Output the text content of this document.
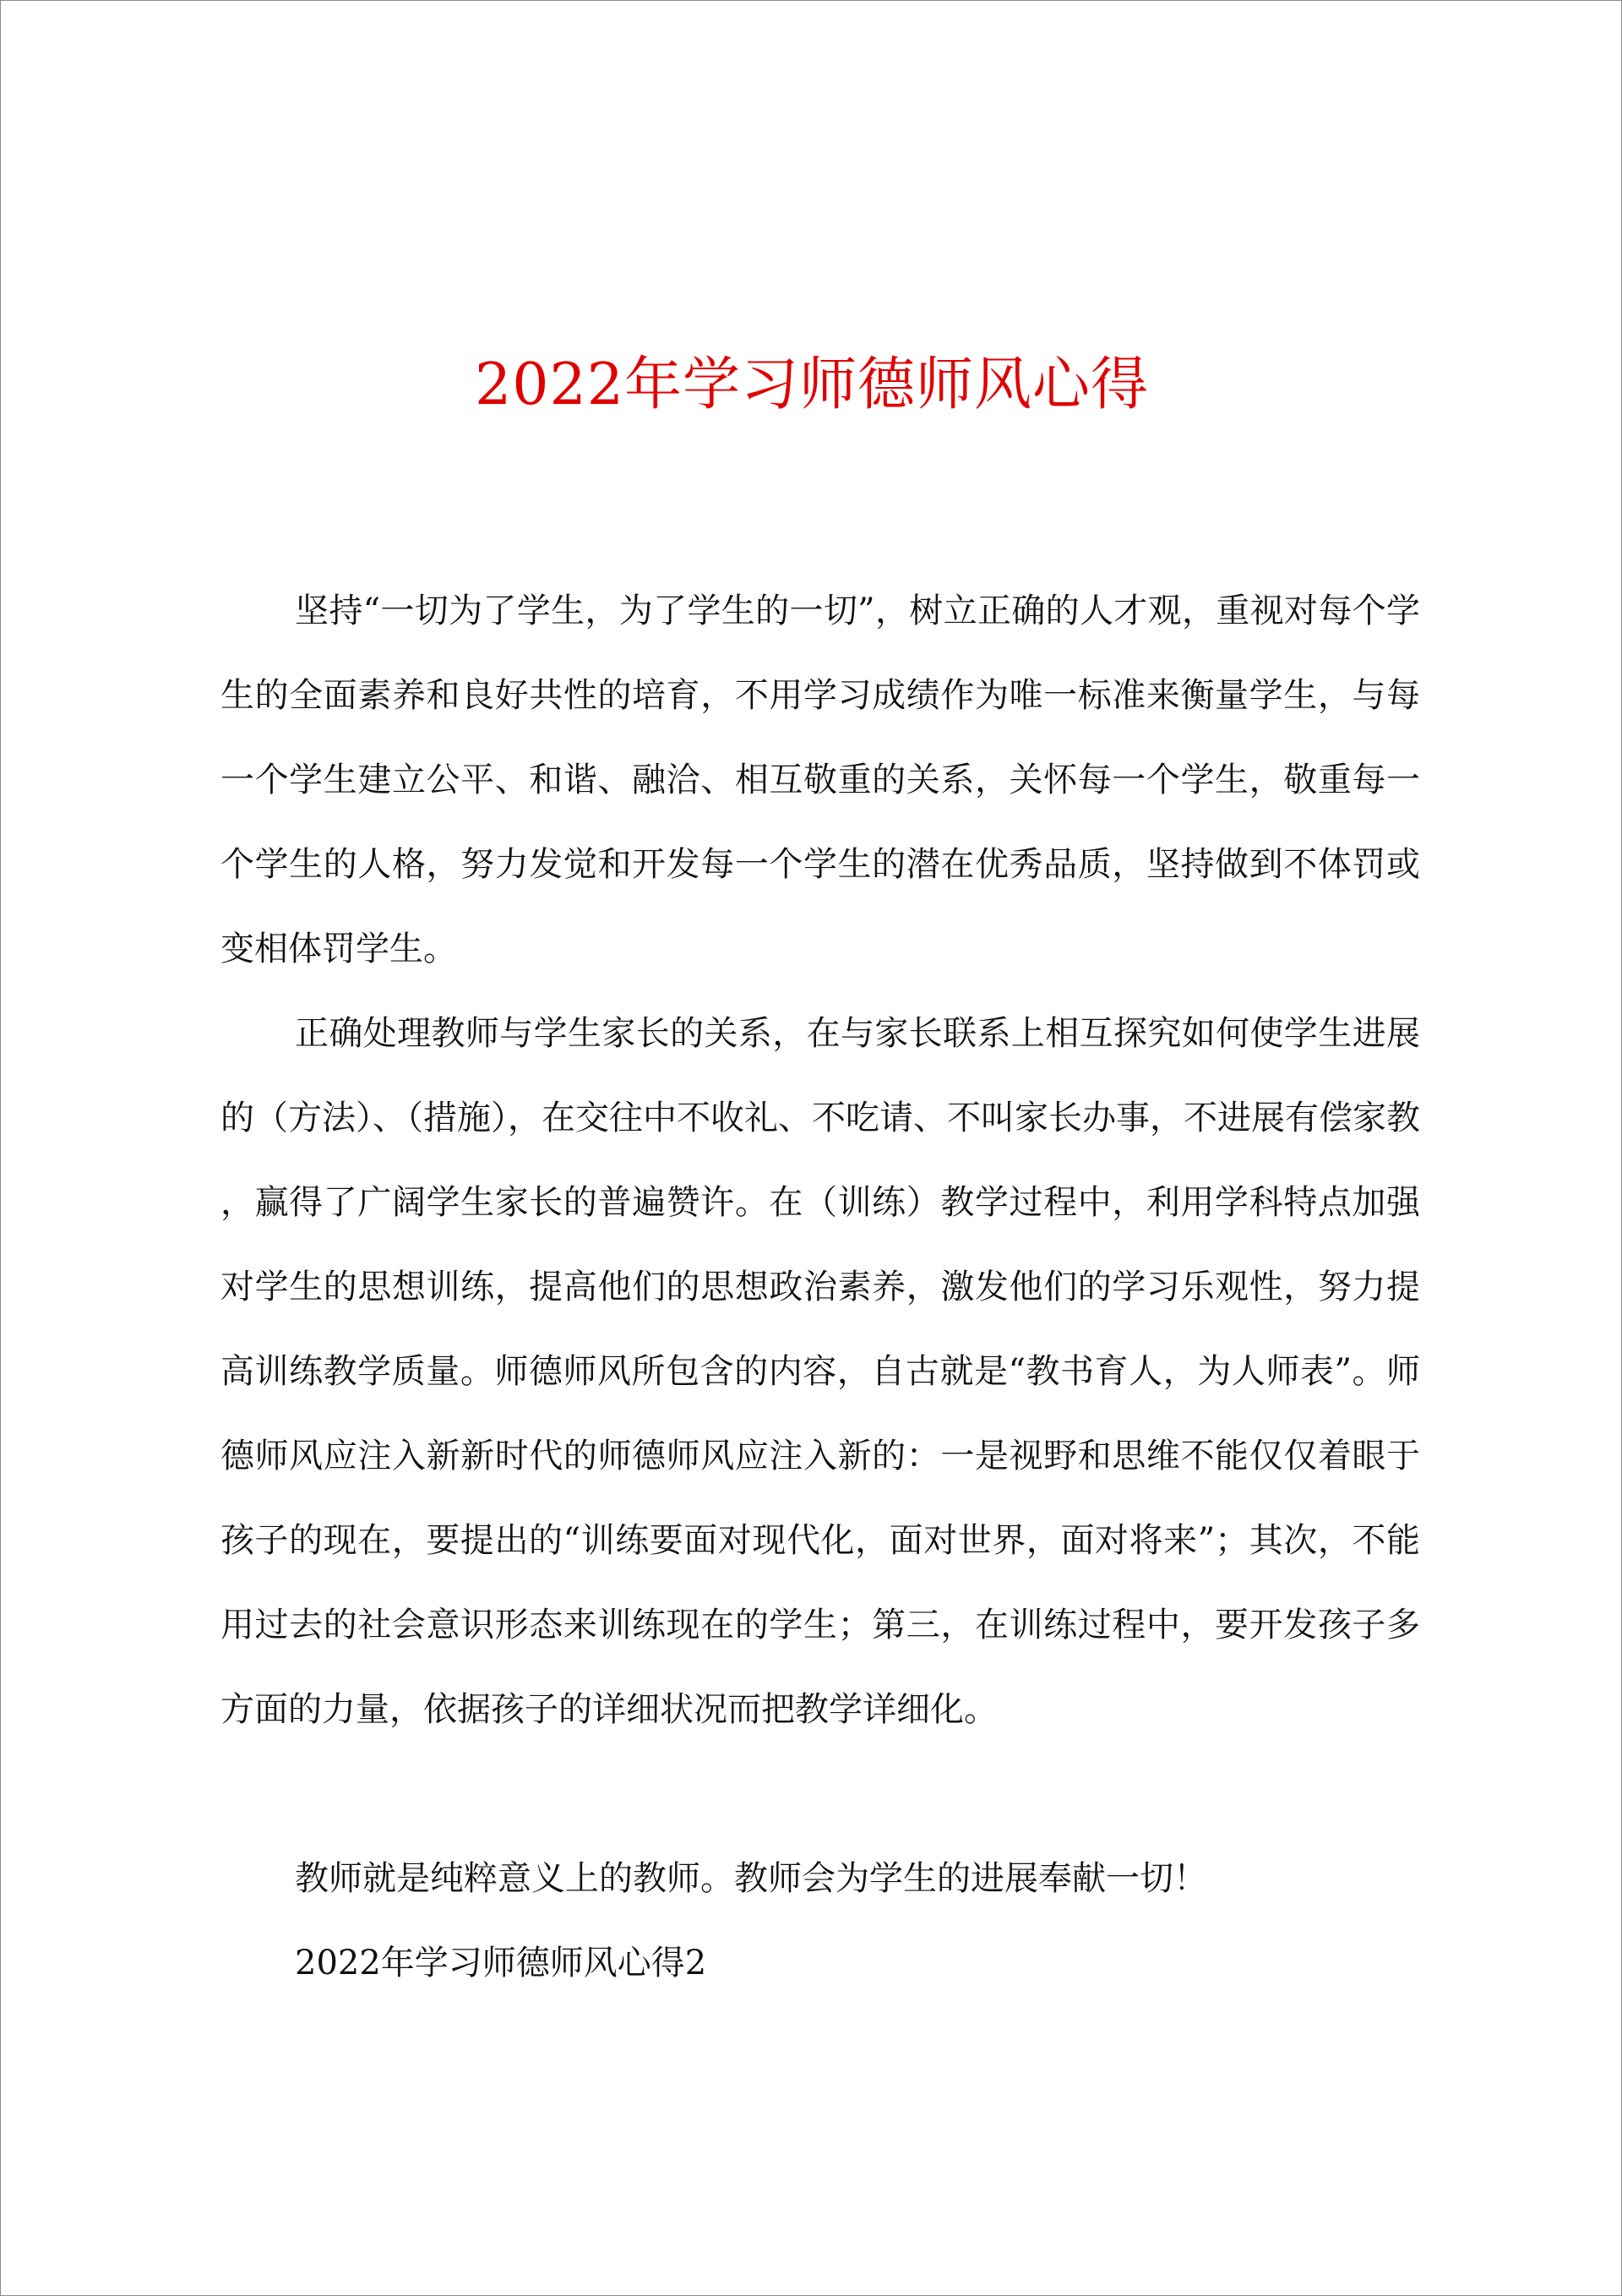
2022年学习师德师风心得

坚持“一切为了学生，为了学生的一切”，树立正确的人才观，重视对每个学生的全面素养和良好共性的培育，不用学习成绩作为唯一标准来衡量学生，与每一个学生建立公平、和谐、融洽、相互敬重的关系，关怀每一个学生，敬重每一个学生的人格，努力发觉和开发每一个学生的潜在优秀品质，坚持做到不体罚或变相体罚学生。

正确处理教师与学生家长的关系，在与家长联系上相互探究如何使学生进展的（方法）、（措施），在交往中不收礼、不吃请、不叫家长办事，不进展有偿家教，赢得了广阔学生家长的普遍赞许。在（训练）教学过程中，利用学科特点加强对学生的思想训练，提高他们的思想政治素养，激发他们的学习乐观性，努力提高训练教学质量。师德师风所包含的内容，自古就是“教书育人，为人师表”。师德师风应注入新新时代的师德师风应注入新的：一是视野和思维不能仅仅着眼于孩子的现在，要提出的“训练要面对现代化，面对世界，面对将来”；其次，不能用过去的社会意识形态来训练现在的学生；第三，在训练过程中，要开发孩子多方面的力量，依据孩子的详细状况而把教学详细化。

教师就是纯粹意义上的教师。教师会为学生的进展奉献一切！

2022年学习师德师风心得2
